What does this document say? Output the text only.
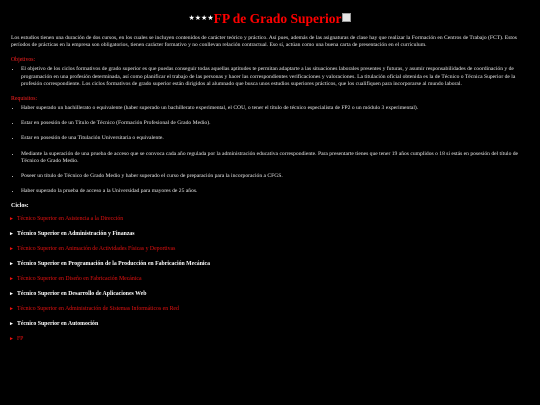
★★★★FP de Grado Superior

Los estudios tienen una duración de dos cursos, en los cuales se incluyen contenidos de carácter teórico y práctico. Así pues, además de las asignaturas de clase hay que realizar la Formación en Centros de Trabajo (FCT). Estos períodos de prácticas en la empresa son obligatorios, tienen carácter formativo y no conllevan relación contractual. Eso sí, actúan como una buena carta de presentación en el currículum.

Objetivos:
• El objetivo de los ciclos formativos de grado superior es que puedas conseguir todas aquellas aptitudes te permitan adaptarte a las situaciones laborales presentes y futuras, y asumir responsabilidades de coordinación y de programación en una profesión determinada, así como planificar el trabajo de las personas y hacer las correspondientes verificaciones y valoraciones. La titulación oficial obtenida es la de Técnico o Técnica Superior de la profesión correspondiente. Los ciclos formativos de grado superior están dirigidos al alumnado que busca unos estudios superiores prácticos, que los cualifiquen para incorporarse al mundo laboral.
Requisitos:
• Haber superado un bachillerato o equivalente (haber superado un bachillerato experimental, el COU, o tener el título de técnico especialista de FP2 o un módulo 3 experimental).
• Estar en posesión de un Título de Técnico (Formación Profesional de Grado Medio).
• Estar en posesión de una Titulación Universitaria o equivalente.
• Mediante la superación de una prueba de acceso que se convoca cada año regulada por la administración educativa correspondiente. Para presentarte tienes que tener 19 años cumplidos o 18 si estás en posesión del título de Técnico de Grado Medio.
• Poseer un título de Técnico de Grado Medio y haber superado el curso de preparación para la incorporación a CFGS.
• Haber superado la prueba de acceso a la Universidad para mayores de 25 años.
Ciclos:
► Técnico Superior en Asistencia a la Dirección
► Técnico Superior en Administración y Finanzas
► Técnico Superior en Animación de Actividades Físicas y Deportivas
► Técnico Superior en Programación de la Producción en Fabricación Mecánica
► Técnico Superior en Diseño en Fabricación Mecánica
► Técnico Superior en Desarrollo de Aplicaciones Web
► Técnico Superior en Administración de Sistemas Informáticos en Red
► Técnico Superior en Automoción
► FP
